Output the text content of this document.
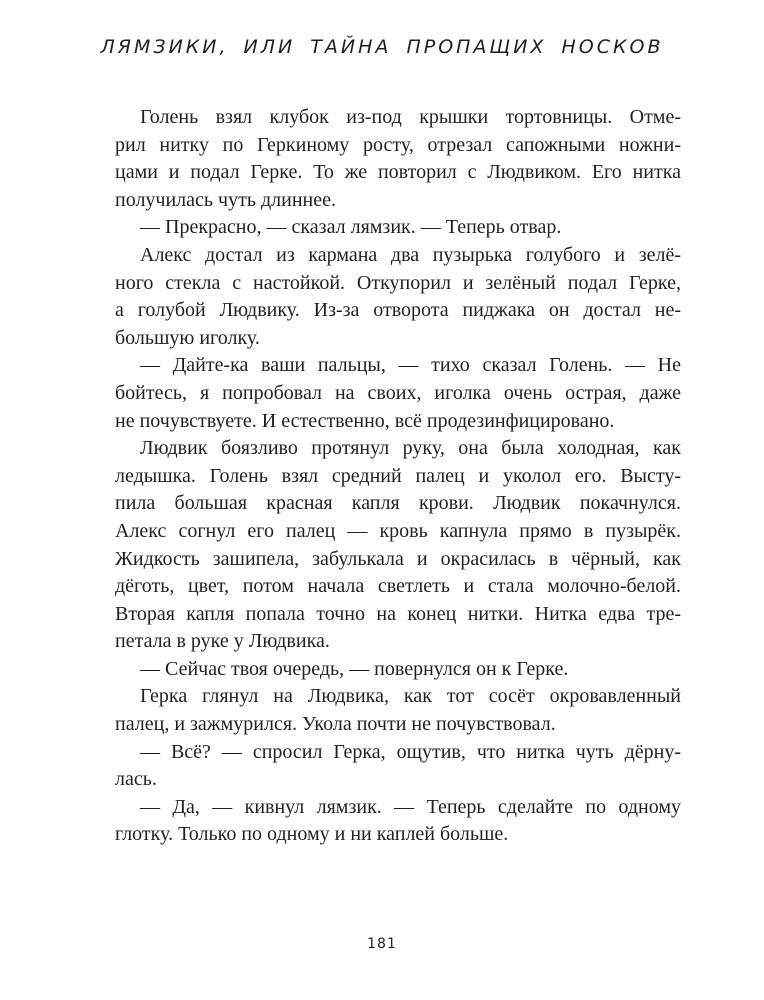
ЛЯМЗИКИ, ИЛИ ТАЙНА ПРОПАЩИХ НОСКОВ
Голень взял клубок из-под крышки тортовницы. Отме-
рил нитку по Геркиному росту, отрезал сапожными ножни-
цами и подал Герке. То же повторил с Людвиком. Его нитка
получилась чуть длиннее.
— Прекрасно, — сказал лямзик. — Теперь отвар.
Алекс достал из кармана два пузырька голубого и зелё-
ного стекла с настойкой. Откупорил и зелёный подал Герке,
а голубой Людвику. Из-за отворота пиджака он достал не-
большую иголку.
— Дайте-ка ваши пальцы, — тихо сказал Голень. — Не
бойтесь, я попробовал на своих, иголка очень острая, даже
не почувствуете. И естественно, всё продезинфицировано.
Людвик боязливо протянул руку, она была холодная, как
ледышка. Голень взял средний палец и уколол его. Высту-
пила большая красная капля крови. Людвик покачнулся.
Алекс согнул его палец — кровь капнула прямо в пузырёк.
Жидкость зашипела, забулькала и окрасилась в чёрный, как
дёготь, цвет, потом начала светлеть и стала молочно-белой.
Вторая капля попала точно на конец нитки. Нитка едва тре-
петала в руке у Людвика.
— Сейчас твоя очередь, — повернулся он к Герке.
Герка глянул на Людвика, как тот сосёт окровавленный
палец, и зажмурился. Укола почти не почувствовал.
— Всё? — спросил Герка, ощутив, что нитка чуть дёрну-
лась.
— Да, — кивнул лямзик. — Теперь сделайте по одному
глотку. Только по одному и ни каплей больше.
181
